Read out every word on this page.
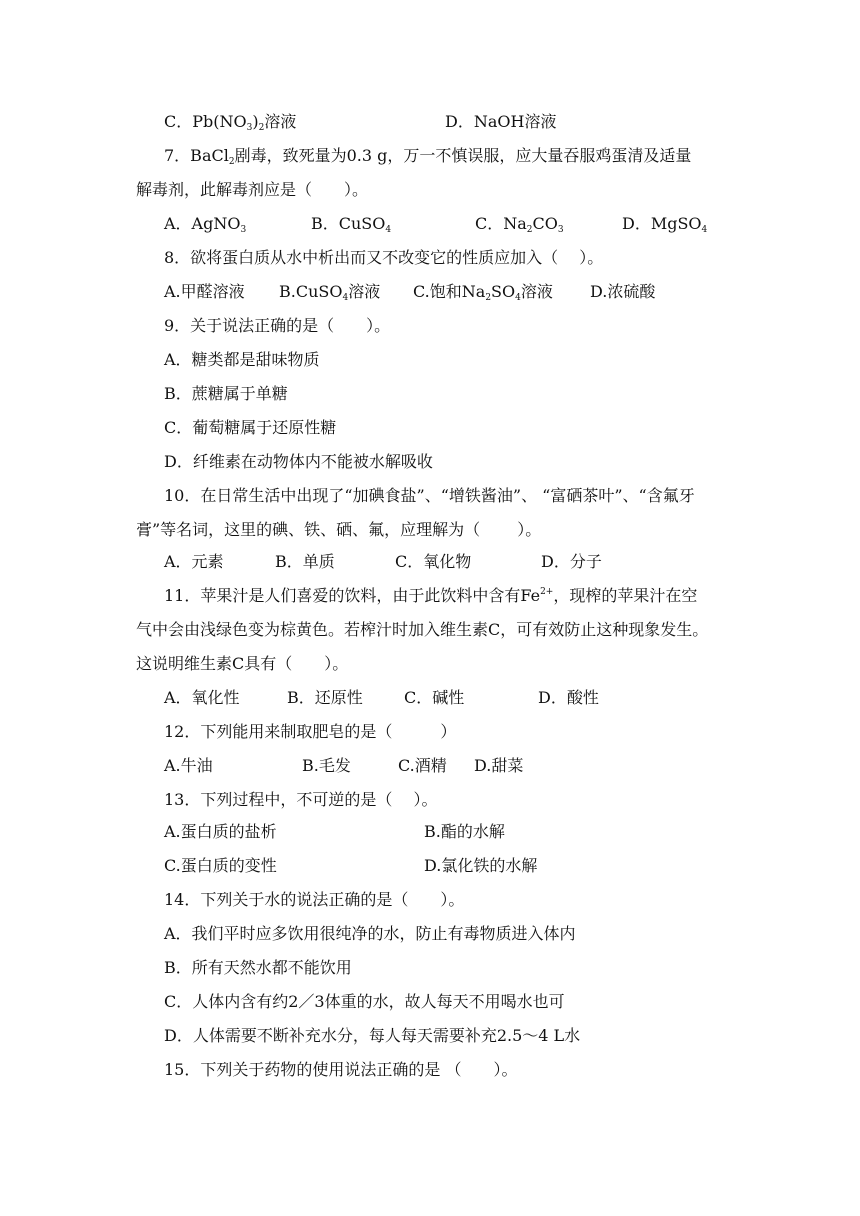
C．$Pb(NO_3)_2$溶液	D．NaOH溶液
7．BaCl$_2$剧毒，致死量为0.3 g，万一不慎误服，应大量吞服鸡蛋清及适量
解毒剂，此解毒剂应是（　　）。
A．AgNO$_3$	B．CuSO$_4$	C．$Na_2CO_3$	D．MgSO$_4$
8．欲将蛋白质从水中析出而又不改变它的性质应加入（　 ）。
A.甲醛溶液 B.CuSO$_4$溶液 C.饱和$Na_2SO_4$溶液 D.浓硫酸
9．关于说法正确的是（　　）。
A．糖类都是甜味物质
B．蔗糖属于单糖
C．葡萄糖属于还原性糖
D．纤维素在动物体内不能被水解吸收
10．在日常生活中出现了“加碘食盐”、“增铁酱油”、 “富硒茶叶”、“含氟牙
膏”等名词，这里的碘、铁、硒、氟，应理解为（　　 ）。
A．元素	B．单质	C．氧化物	D．分子
11．苹果汁是人们喜爱的饮料，由于此饮料中含有$Fe^{2+}$，现榨的苹果汁在空
气中会由浅绿色变为棕黄色。若榨汁时加入维生素C，可有效防止这种现象发生。
这说明维生素C具有（　　）。
A．氧化性	B．还原性	C．碱性	D．酸性
12．下列能用来制取肥皂的是（　　　）
A.牛油	B.毛发	C.酒精 D.甜菜
13．下列过程中，不可逆的是（　 ）。
A.蛋白质的盐析	B.酯的水解
C.蛋白质的变性	D.氯化铁的水解
14．下列关于水的说法正确的是（　　）。
A．我们平时应多饮用很纯净的水，防止有毒物质进入体内
B．所有天然水都不能饮用
C．人体内含有约2／3体重的水，故人每天不用喝水也可
D．人体需要不断补充水分，每人每天需要补充2.5～4 L水
15．下列关于药物的使用说法正确的是 （　　）。
